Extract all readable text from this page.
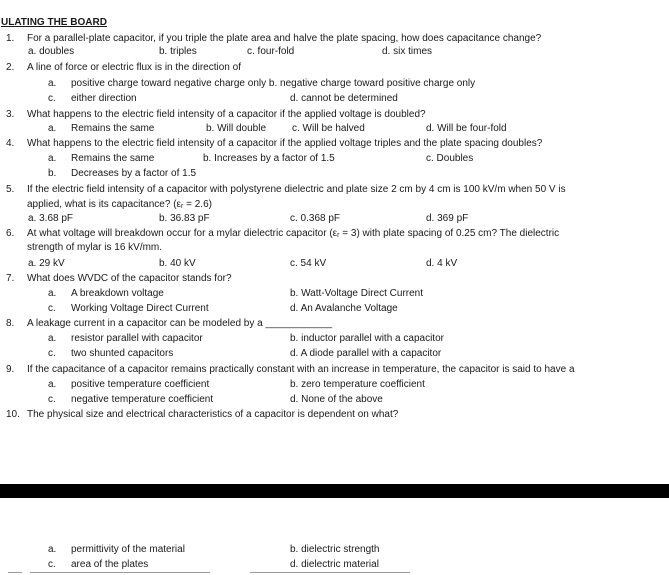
ULATING THE BOARD
1. For a parallel-plate capacitor, if you triple the plate area and halve the plate spacing, how does capacitance change?
a. doubles	b. triples	c. four-fold	d. six times
2. A line of force or electric flux is in the direction of
a. positive charge toward negative charge only b. negative charge toward positive charge only
c. either direction	d. cannot be determined
3. What happens to the electric field intensity of a capacitor if the applied voltage is doubled?
a. Remains the same	b. Will double	c. Will be halved	d. Will be four-fold
4. What happens to the electric field intensity of a capacitor if the applied voltage triples and the plate spacing doubles?
a. Remains the same	b. Increases by a factor of 1.5	c. Doubles
b. Decreases by a factor of 1.5
5. If the electric field intensity of a capacitor with polystyrene dielectric and plate size 2 cm by 4 cm is 100 kV/m when 50 V is
applied, what is its capacitance? (εr = 2.6)
a. 3.68 pF	b. 36.83 pF	c. 0.368 pF	d. 369 pF
6. At what voltage will breakdown occur for a mylar dielectric capacitor (εr = 3) with plate spacing of 0.25 cm? The dielectric
strength of mylar is 16 kV/mm.
a. 29 kV	b. 40 kV	c. 54 kV	d. 4 kV
7. What does WVDC of the capacitor stands for?
a. A breakdown voltage	b. Watt-Voltage Direct Current
c. Working Voltage Direct Current	d. An Avalanche Voltage
8. A leakage current in a capacitor can be modeled by a ____________
a. resistor parallel with capacitor	b. inductor parallel with a capacitor
c. two shunted capacitors	d. A diode parallel with a capacitor
9. If the capacitance of a capacitor remains practically constant with an increase in temperature, the capacitor is said to have a
a. positive temperature coefficient	b. zero temperature coefficient
c. negative temperature coefficient	d. None of the above
10. The physical size and electrical characteristics of a capacitor is dependent on what?
a. permittivity of the material	b. dielectric strength
c. area of the plates	d. dielectric material
